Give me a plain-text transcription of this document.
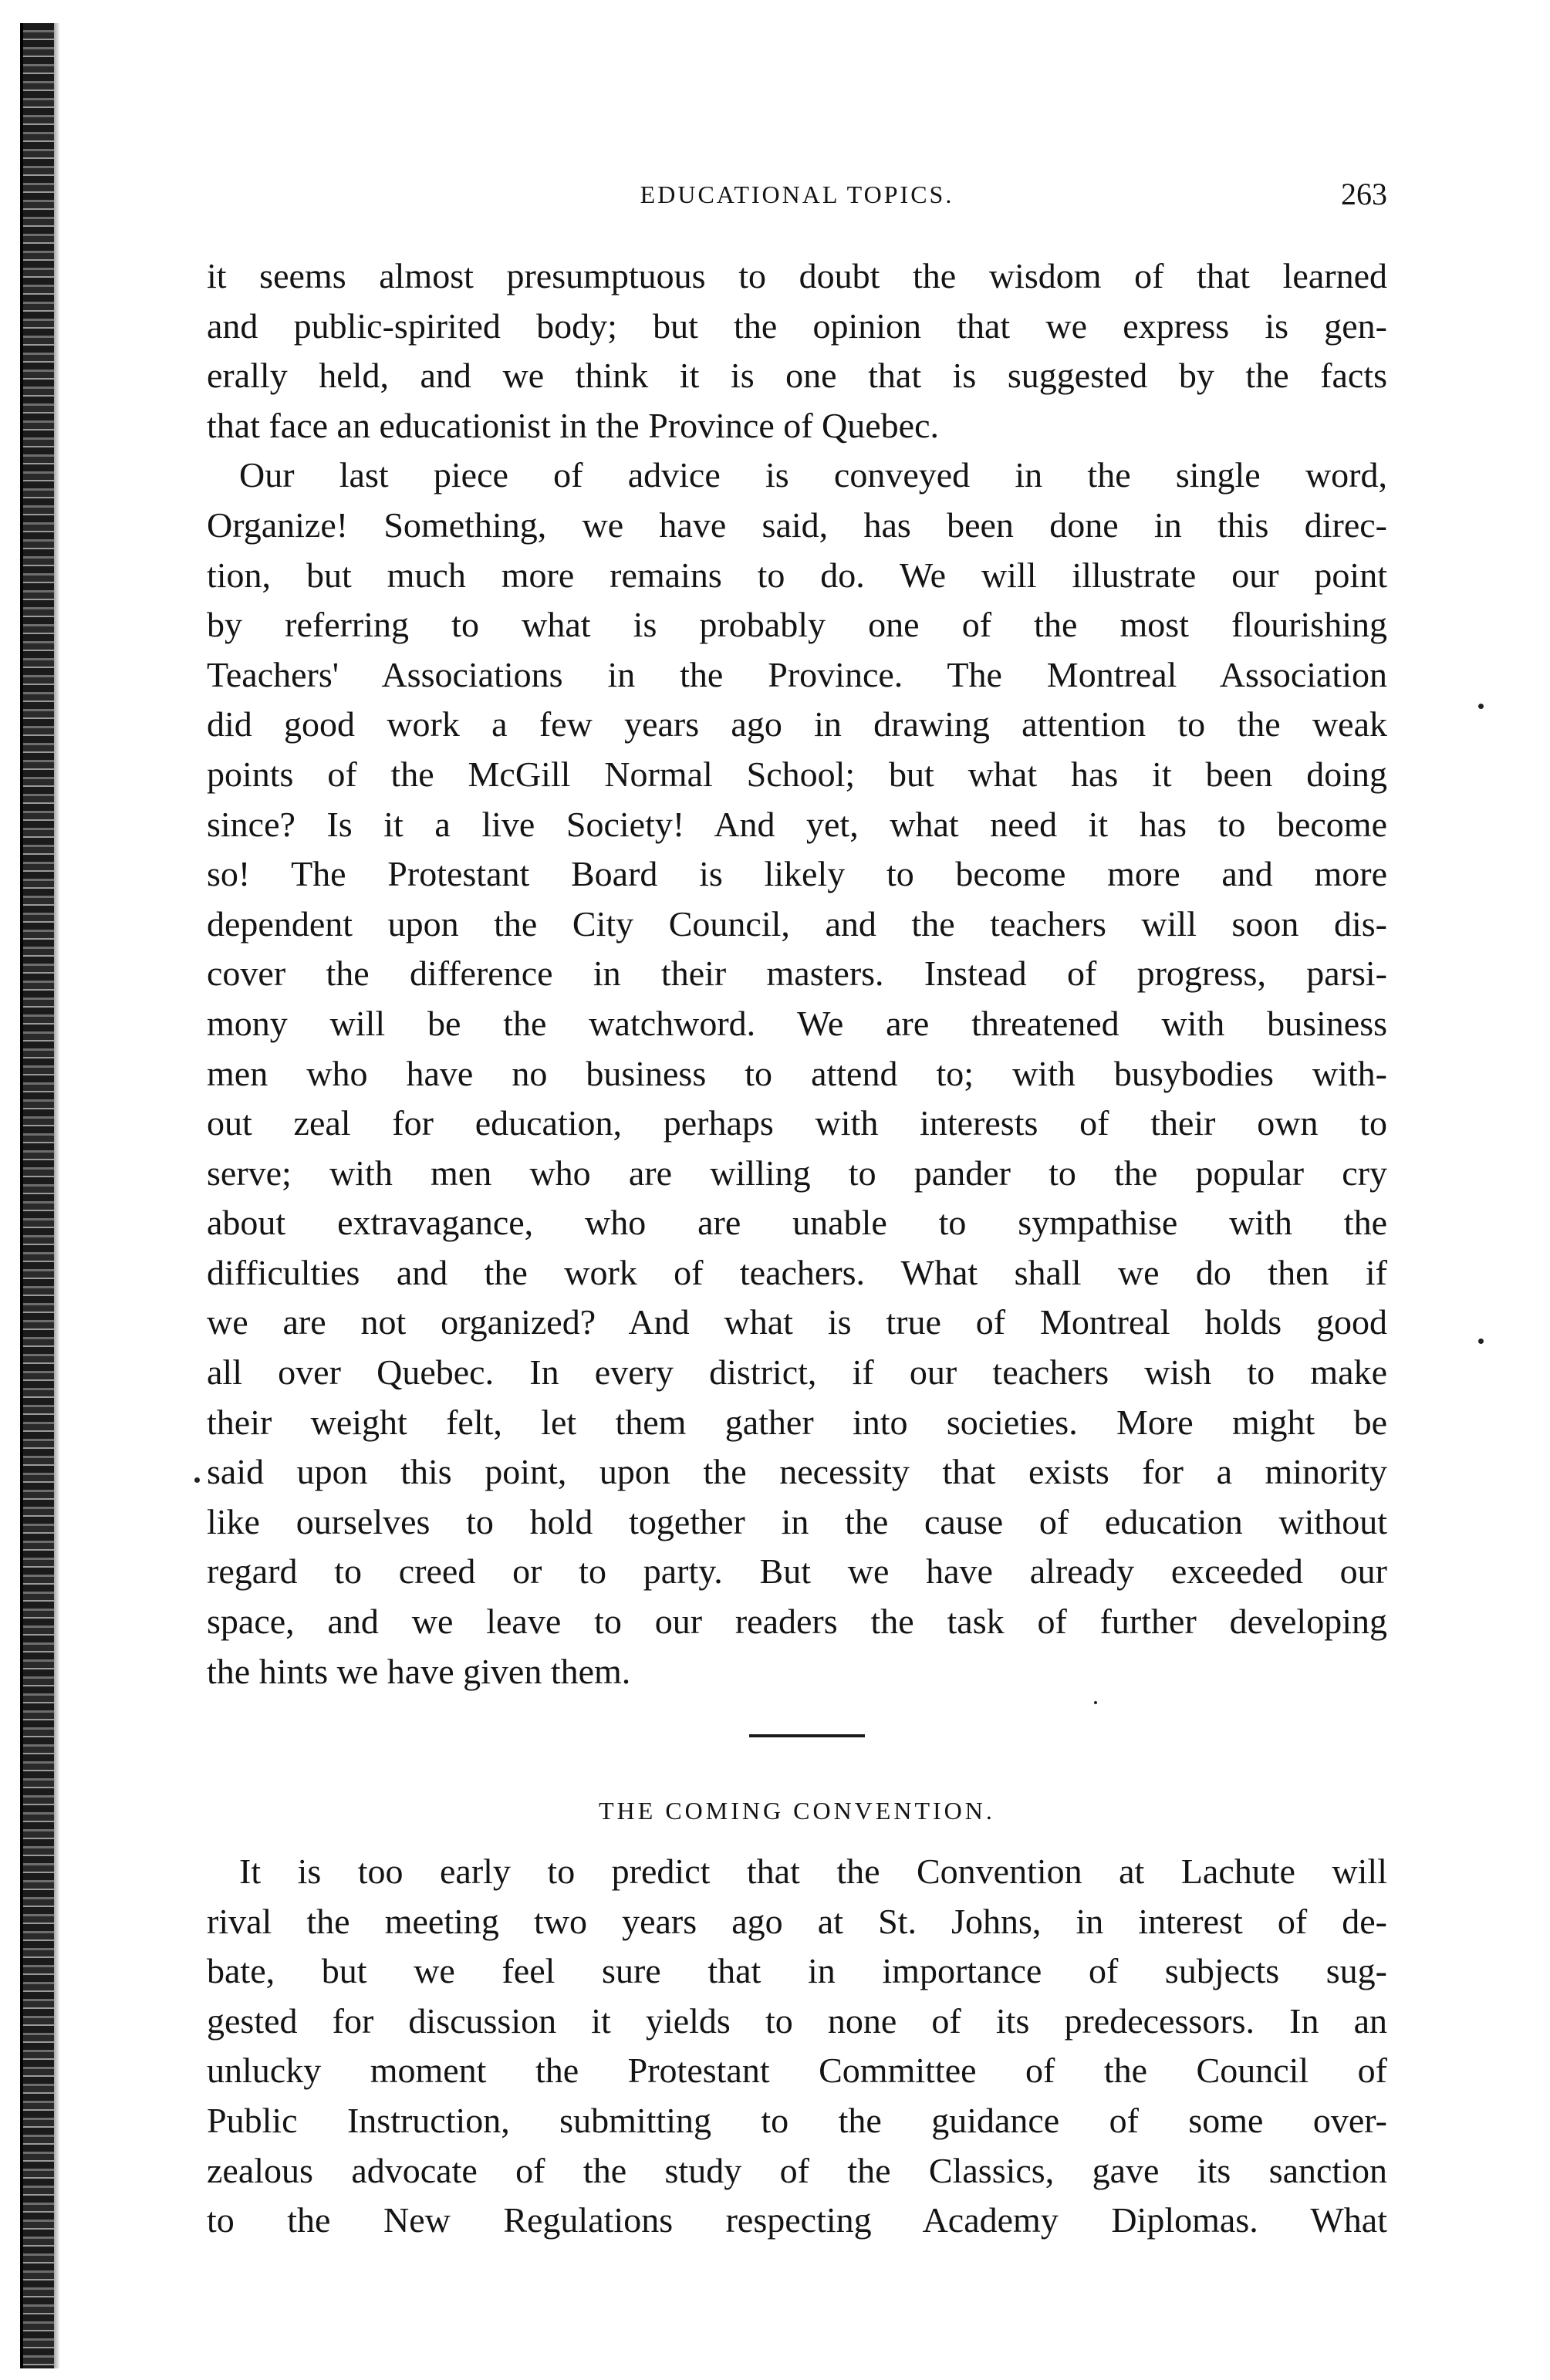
EDUCATIONAL TOPICS.	263
it seems almost presumptuous to doubt the wisdom of that learned
and public-spirited body; but the opinion that we express is gen-
erally held, and we think it is one that is suggested by the facts
that face an educationist in the Province of Quebec.
Our last piece of advice is conveyed in the single word,
Organize! Something, we have said, has been done in this direc-
tion, but much more remains to do. We will illustrate our point
by referring to what is probably one of the most flourishing
Teachers' Associations in the Province. The Montreal Association
did good work a few years ago in drawing attention to the weak
points of the McGill Normal School; but what has it been doing
since? Is it a live Society! And yet, what need it has to become
so! The Protestant Board is likely to become more and more
dependent upon the City Council, and the teachers will soon dis-
cover the difference in their masters. Instead of progress, parsi-
mony will be the watchword. We are threatened with business
men who have no business to attend to; with busybodies with-
out zeal for education, perhaps with interests of their own to
serve; with men who are willing to pander to the popular cry
about extravagance, who are unable to sympathise with the
difficulties and the work of teachers. What shall we do then if
we are not organized? And what is true of Montreal holds good
all over Quebec. In every district, if our teachers wish to make
their weight felt, let them gather into societies. More might be
said upon this point, upon the necessity that exists for a minority
like ourselves to hold together in the cause of education without
regard to creed or to party. But we have already exceeded our
space, and we leave to our readers the task of further developing
the hints we have given them.
THE COMING CONVENTION.
It is too early to predict that the Convention at Lachute will
rival the meeting two years ago at St. Johns, in interest of de-
bate, but we feel sure that in importance of subjects sug-
gested for discussion it yields to none of its predecessors. In an
unlucky moment the Protestant Committee of the Council of
Public Instruction, submitting to the guidance of some over-
zealous advocate of the study of the Classics, gave its sanction
to the New Regulations respecting Academy Diplomas. What
